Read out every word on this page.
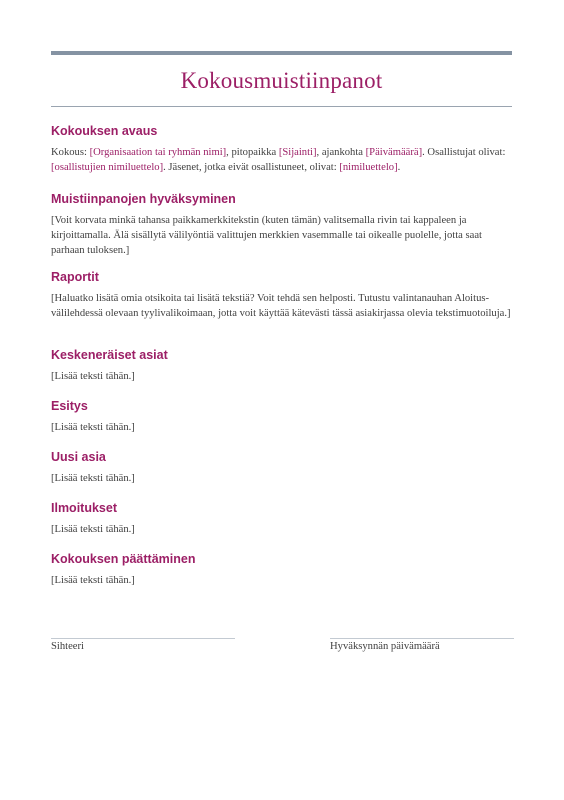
Kokousmuistiinpanot
Kokouksen avaus

Kokous: [Organisaation tai ryhmän nimi], pitopaikka [Sijainti], ajankohta [Päivämäärä]. Osallistujat olivat: [osallistujien nimiluettelo]. Jäsenet, jotka eivät osallistuneet, olivat: [nimiluettelo].

Muistiinpanojen hyväksyminen

[Voit korvata minkä tahansa paikkamerkkitekstin (kuten tämän) valitsemalla rivin tai kappaleen ja kirjoittamalla. Älä sisällytä välilyöntiä valittujen merkkien vasemmalle tai oikealle puolelle, jotta saat parhaan tuloksen.]

Raportit

[Haluatko lisätä omia otsikoita tai lisätä tekstiä? Voit tehdä sen helposti. Tutustu valintanauhan Aloitus-välilehdessä olevaan tyylivalikoimaan, jotta voit käyttää kätevästi tässä asiakirjassa olevia tekstimuotoiluja.]

Keskeneräiset asiat

[Lisää teksti tähän.]

Esitys

[Lisää teksti tähän.]

Uusi asia

[Lisää teksti tähän.]

Ilmoitukset

[Lisää teksti tähän.]

Kokouksen päättäminen

[Lisää teksti tähän.]

Sihteeri	Hyväksynnän päivämäärä
